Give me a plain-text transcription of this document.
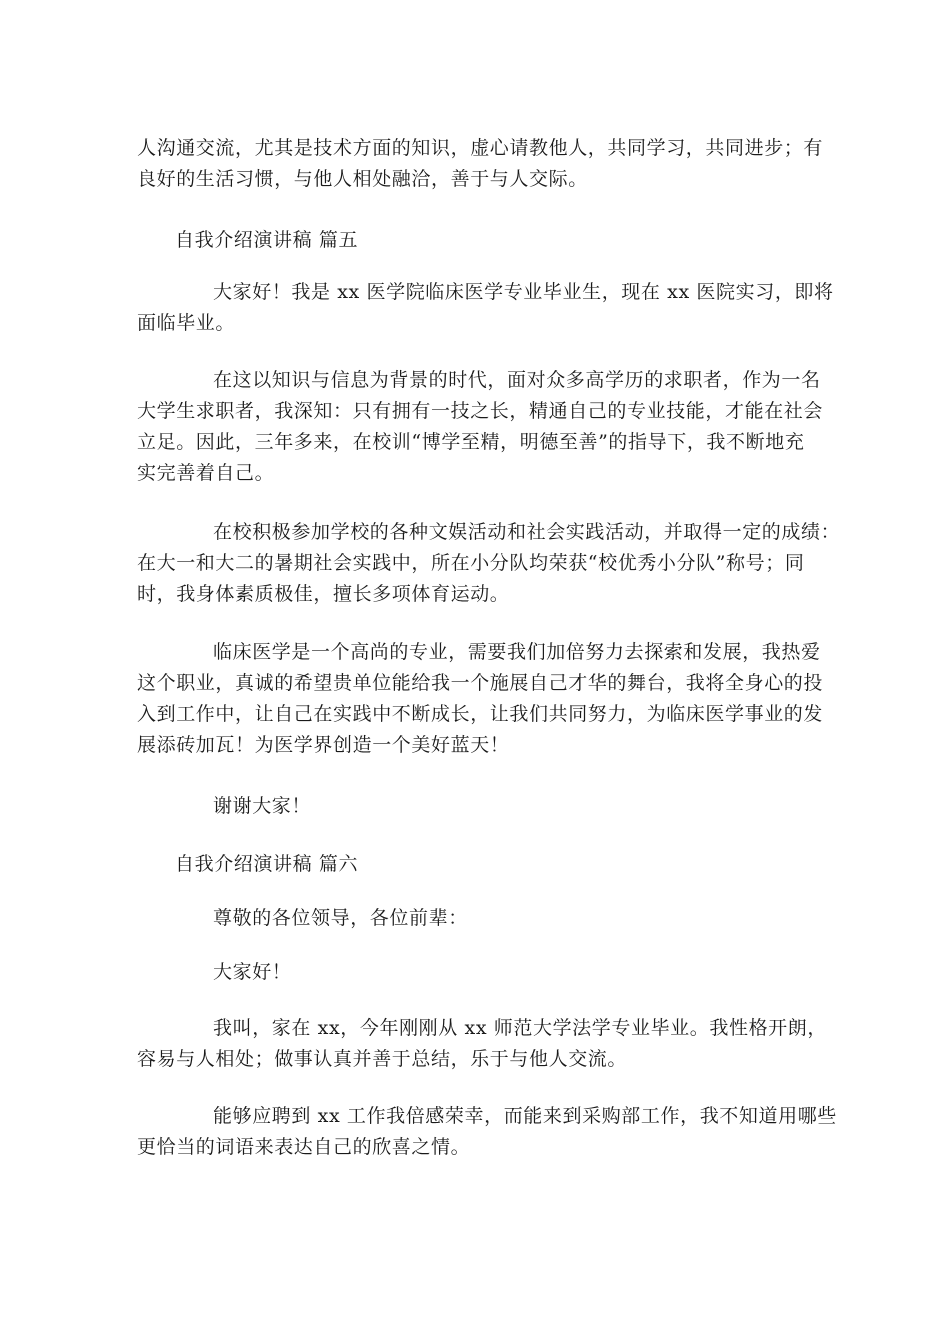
人沟通交流，尤其是技术方面的知识，虚心请教他人，共同学习，共同进步；有
良好的生活习惯，与他人相处融洽，善于与人交际。

自我介绍演讲稿 篇五

大家好！我是 xx 医学院临床医学专业毕业生，现在 xx 医院实习，即将
面临毕业。

在这以知识与信息为背景的时代，面对众多高学历的求职者，作为一名
大学生求职者，我深知：只有拥有一技之长，精通自己的专业技能，才能在社会
立足。因此，三年多来，在校训“博学至精，明德至善”的指导下，我不断地充
实完善着自己。

在校积极参加学校的各种文娱活动和社会实践活动，并取得一定的成绩：
在大一和大二的暑期社会实践中，所在小分队均荣获“校优秀小分队”称号；同
时，我身体素质极佳，擅长多项体育运动。

临床医学是一个高尚的专业，需要我们加倍努力去探索和发展，我热爱
这个职业，真诚的希望贵单位能给我一个施展自己才华的舞台，我将全身心的投
入到工作中，让自己在实践中不断成长，让我们共同努力，为临床医学事业的发
展添砖加瓦！为医学界创造一个美好蓝天！

谢谢大家！

自我介绍演讲稿 篇六

尊敬的各位领导，各位前辈：

大家好！

我叫，家在 xx，今年刚刚从 xx 师范大学法学专业毕业。我性格开朗，
容易与人相处；做事认真并善于总结，乐于与他人交流。

能够应聘到 xx 工作我倍感荣幸，而能来到采购部工作，我不知道用哪些
更恰当的词语来表达自己的欣喜之情。
